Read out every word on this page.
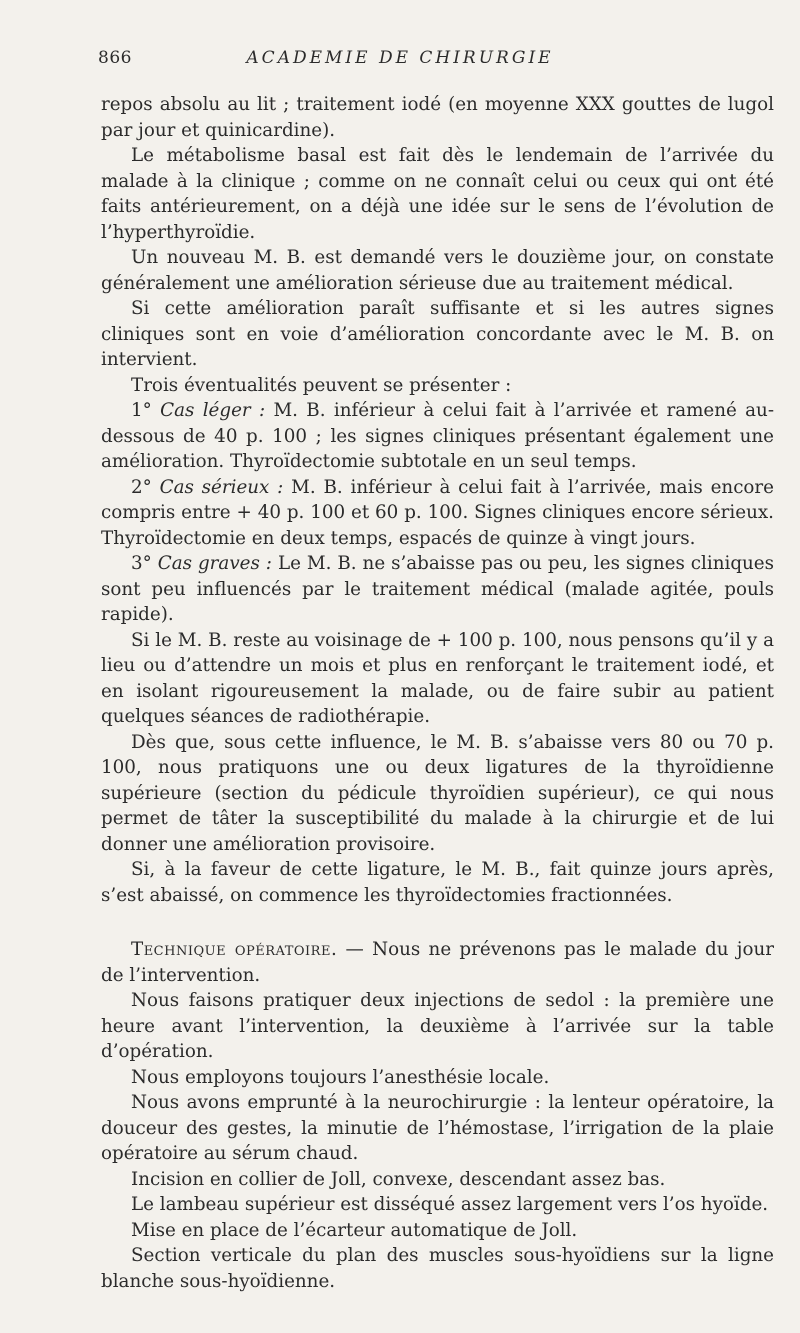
866	ACADEMIE DE CHIRURGIE

repos absolu au lit ; traitement iodé (en moyenne XXX gouttes de lugol par jour et quinicardine).

Le métabolisme basal est fait dès le lendemain de l’arrivée du malade à la clinique ; comme on ne connaît celui ou ceux qui ont été faits antérieurement, on a déjà une idée sur le sens de l’évolution de l’hyperthyroïdie.

Un nouveau M. B. est demandé vers le douzième jour, on constate généralement une amélioration sérieuse due au traitement médical.

Si cette amélioration paraît suffisante et si les autres signes cliniques sont en voie d’amélioration concordante avec le M. B. on intervient.

Trois éventualités peuvent se présenter :

1° Cas léger : M. B. inférieur à celui fait à l’arrivée et ramené au-dessous de 40 p. 100 ; les signes cliniques présentant également une amélioration. Thyroïdectomie subtotale en un seul temps.

2° Cas sérieux : M. B. inférieur à celui fait à l’arrivée, mais encore compris entre + 40 p. 100 et 60 p. 100. Signes cliniques encore sérieux. Thyroïdectomie en deux temps, espacés de quinze à vingt jours.

3° Cas graves : Le M. B. ne s’abaisse pas ou peu, les signes cliniques sont peu influencés par le traitement médical (malade agitée, pouls rapide).

Si le M. B. reste au voisinage de + 100 p. 100, nous pensons qu’il y a lieu ou d’attendre un mois et plus en renforçant le traitement iodé, et en isolant rigoureusement la malade, ou de faire subir au patient quelques séances de radiothérapie.

Dès que, sous cette influence, le M. B. s’abaisse vers 80 ou 70 p. 100, nous pratiquons une ou deux ligatures de la thyroïdienne supérieure (section du pédicule thyroïdien supérieur), ce qui nous permet de tâter la susceptibilité du malade à la chirurgie et de lui donner une amélioration provisoire.

Si, à la faveur de cette ligature, le M. B., fait quinze jours après, s’est abaissé, on commence les thyroïdectomies fractionnées.

Technique opératoire. — Nous ne prévenons pas le malade du jour de l’intervention.

Nous faisons pratiquer deux injections de sedol : la première une heure avant l’intervention, la deuxième à l’arrivée sur la table d’opération.

Nous employons toujours l’anesthésie locale.

Nous avons emprunté à la neurochirurgie : la lenteur opératoire, la douceur des gestes, la minutie de l’hémostase, l’irrigation de la plaie opératoire au sérum chaud.

Incision en collier de Joll, convexe, descendant assez bas.

Le lambeau supérieur est disséqué assez largement vers l’os hyoïde.

Mise en place de l’écarteur automatique de Joll.

Section verticale du plan des muscles sous-hyoïdiens sur la ligne blanche sous-hyoïdienne.
